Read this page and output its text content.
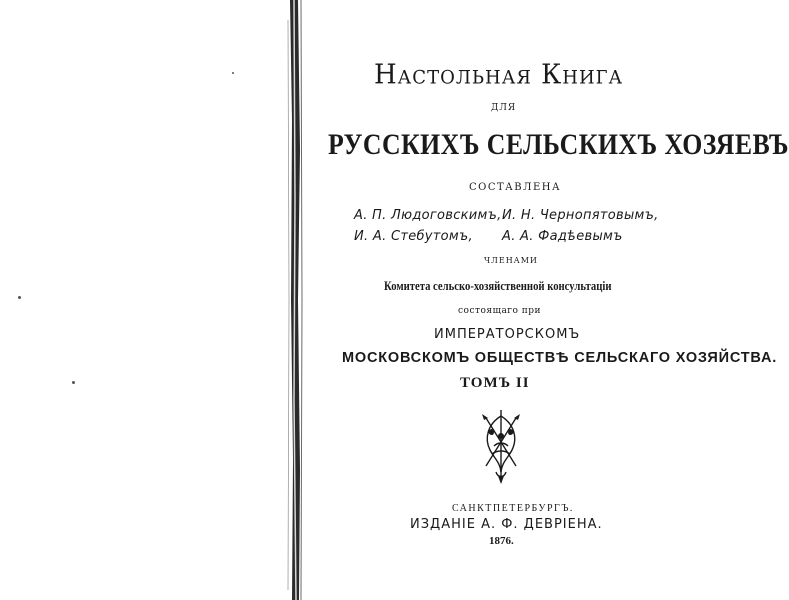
Настольная Книга
ДЛЯ
РУССКИХЪ СЕЛЬСКИХЪ ХОЗЯЕВЪ
СОСТАВЛЕНА
А. П. Людоговскимъ, И. Н. Чернопятовымъ,
И. А. Стебутомъ, А. А. Фадѣевымъ
ЧЛЕНАМИ
Комитета сельско-хозяйственной консультаціи
состоящаго при
ИМПЕРАТОРСКОМЪ
МОСКОВСКОМЪ ОБЩЕСТВѢ СЕЛЬСКАГО ХОЗЯЙСТВА.
ТОМЪ II
САНКТПЕТЕРБУРГЪ.
ИЗДАНІЕ А. Ф. ДЕВРІЕНА.
1876.
